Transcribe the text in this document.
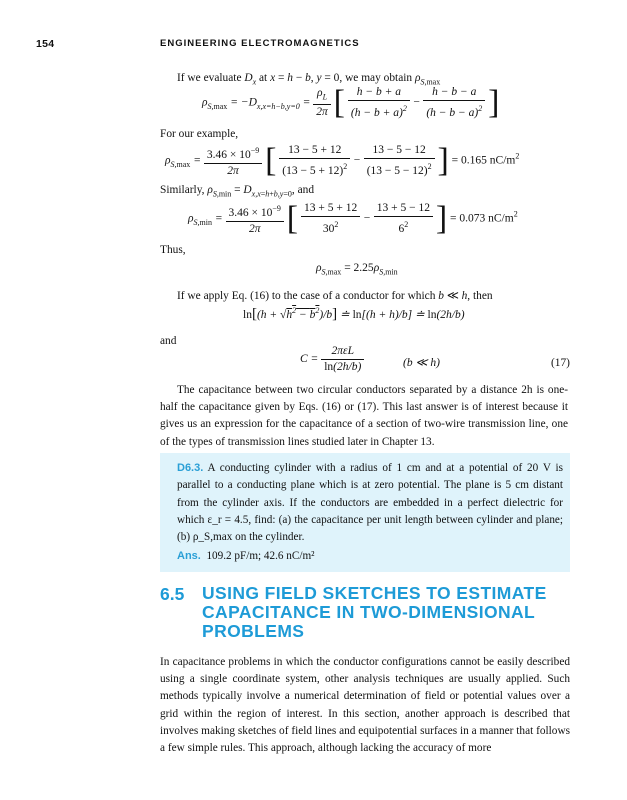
154	ENGINEERING ELECTROMAGNETICS
If we evaluate $D_x$ at x = h − b, y = 0, we may obtain $\rho_{S,max}$
$\rho_{S,max} = -D_{x,x=h-b,y=0} = \frac{\rho_L}{2\pi}$ [ $\frac{h - b + a}{(h - b + a)^2} - \frac{h - b - a}{(h - b - a)^2}$ ]
For our example,
$\rho_{S,max} = \frac{3.46 \times 10^{-9}}{2\pi}$ [ $\frac{13 - 5 + 12}{(13 - 5 + 12)^2} - \frac{13 - 5 - 12}{(13 - 5 - 12)^2}$ ] = 0.165 $nC/m^2$
Similarly, $\rho_{S,min} = D_{x,x=h+b,y=0}$, and
$\rho_{S,min} = \frac{3.46 \times 10^{-9}}{2\pi}$ [ $\frac{13 + 5 + 12}{30^2} - \frac{13 + 5 - 12}{6^2}$ ] = 0.073 $nC/m^2$
Thus,
$\rho_{S,max} = 2.25\rho_{S,min}$
If we apply Eq. (16) to the case of a conductor for which b ≪ h, then
$\ln[(h + √h^2 - b^2)/b]$ ≐ ln[(h + h)/b] ≐ ln(2h/b)
and
$C = \frac{\text{2πεL}}{\ln(2h/b)}$	(b ≪ h)	(17)
The capacitance between two circular conductors separated by a distance 2h is one-half the capacitance given by Eqs. (16) or (17). This last answer is of interest because it gives us an expression for the capacitance of a section of two-wire transmission line, one of the types of transmission lines studied later in Chapter 13.
D6.3. A conducting cylinder with a radius of 1 cm and at a potential of 20 V is parallel to a conducting plane which is at zero potential. The plane is 5 cm distant from the cylinder axis. If the conductors are embedded in a perfect dielectric for which ε_r = 4.5, find: (a) the capacitance per unit length between cylinder and plane; (b) ρ_S,max on the cylinder.
Ans. 109.2 pF/m; 42.6 nC/m²
6.5 USING FIELD SKETCHES TO ESTIMATE CAPACITANCE IN TWO-DIMENSIONAL PROBLEMS
In capacitance problems in which the conductor configurations cannot be easily described using a single coordinate system, other analysis techniques are usually applied. Such methods typically involve a numerical determination of field or potential values over a grid within the region of interest. In this section, another approach is described that involves making sketches of field lines and equipotential surfaces in a manner that follows a few simple rules. This approach, although lacking the accuracy of more
